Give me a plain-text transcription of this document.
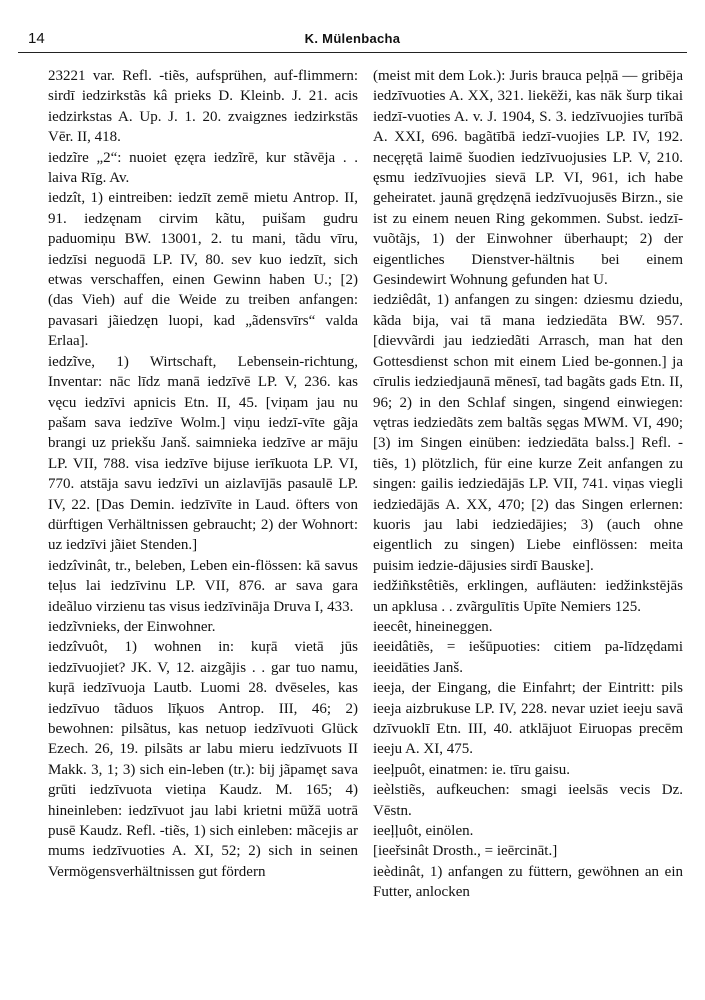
14	K. Mülenbacha

23221 var. Refl. -tiẽs, aufsprühen, auf-flimmern: sirdī iedzirkstãs kâ prieks D. Kleinb. J. 21. acis iedzirkstas A. Up. J. 1. 20. zvaigznes iedzirkstās Vēr. II, 418.

iedzĩre „2“: nuoiet ęzęra iedzĩrē, kur stãvēja . . laiva Rīg. Av.

iedzît, 1) eintreiben: iedzīt zemē mietu Antrop. II, 91. iedzęnam cirvim kãtu, puišam gudru paduomiņu BW. 13001, 2. tu mani, tãdu vīru, iedzīsi neguodā LP. IV, 80. sev kuo iedzīt, sich etwas verschaffen, einen Gewinn haben U.; [2) (das Vieh) auf die Weide zu treiben anfangen: pavasari jãiedzęn luopi, kad „ãdensvīrs“ valda Erlaa].

iedzĩve, 1) Wirtschaft, Lebensein-richtung, Inventar: nāc līdz manā iedzīvē LP. V, 236. kas vęcu iedzīvi apnicis Etn. II, 45. [viņam jau nu pašam sava iedzīve Wolm.] viņu iedzī-vīte gãja brangi uz priekšu Janš. saimnieka iedzīve ar māju LP. VII, 788. visa iedzīve bijuse ierīkuota LP. VI, 770. atstāja savu iedzīvi un aizlavījās pasaulē LP. IV, 22. [Das Demin. iedzīvīte in Laud. öfters von dürftigen Verhältnissen gebraucht; 2) der Wohnort: uz iedzīvi jãiet Stenden.]

iedzîvinât, tr., beleben, Leben ein-flössen: kā savus teļus lai iedzīvinu LP. VII, 876. ar sava gara ideãluo virzienu tas visus iedzīvināja Druva I, 433.

iedzĩvnieks, der Einwohner.

iedzîvuôt, 1) wohnen in: kuŗā vietā jūs iedzīvuojiet? JK. V, 12. aizgãjis . . gar tuo namu, kuŗā iedzīvuoja Lautb. Luomi 28. dvēseles, kas iedzīvuo tãduos līķuos Antrop. III, 46; 2) bewohnen: pilsãtus, kas netuop iedzīvuoti Glück Ezech. 26, 19. pilsãts ar labu mieru iedzīvuots II Makk. 3, 1; 3) sich ein-leben (tr.): bij jãpamęt sava grūti iedzīvuota vietiņa Kaudz. M. 165; 4) hineinleben: iedzīvuot jau labi krietni mūžā uotrā pusē Kaudz. Refl. -tiẽs, 1) sich einleben: mãcejis ar mums iedzīvuoties A. XI, 52; 2) sich in seinen Vermögensverhältnissen gut fördern

(meist mit dem Lok.): Juris brauca peļņā — gribēja iedzīvuoties A. XX, 321. liekēži, kas nāk šurp tikai iedzī-vuoties A. v. J. 1904, S. 3. iedzīvuojies turībā A. XXI, 696. bagãtībā iedzī-vuojies LP. IV, 192. necęŗętā laimē šuodien iedzīvuojusies LP. V, 210. ęsmu iedzīvuojies sievā LP. VI, 961, ich habe geheiratet. jaunā grędzęnā iedzīvuojusēs Birzn., sie ist zu einem neuen Ring gekommen. Subst. iedzī-vuõtãjs, 1) der Einwohner überhaupt; 2) der eigentliches Dienstver-hältnis bei einem Gesindewirt Wohnung gefunden hat U.

iedziêdât, 1) anfangen zu singen: dziesmu dziedu, kãda bija, vai tā mana iedziedāta BW. 957. [dievvãrdi jau iedziedãti Arrasch, man hat den Gottesdienst schon mit einem Lied be-gonnen.] ja cīrulis iedziedjaunā mēnesī, tad bagãts gads Etn. II, 96; 2) in den Schlaf singen, singend einwiegen: vętras iedziedãts zem baltãs sęgas MWM. VI, 490; [3) im Singen einüben: iedziedāta balss.] Refl. -tiẽs, 1) plötzlich, für eine kurze Zeit anfangen zu singen: gailis iedziedājās LP. VII, 741. viņas viegli iedziedājās A. XX, 470; [2) das Singen erlernen: kuoris jau labi iedziedājies; 3) (auch ohne eigentlich zu singen) Liebe einflössen: meita puisim iedzie-dājusies sirdī Bauske].

iedžiñkstêtiẽs, erklingen, aufläuten: iedžinkstējās un apklusa . . zvãrgulītis Upīte Nemiers 125.

ieecêt, hineineggen.

ieeidâtiẽs, = iešūpuoties: citiem pa-līdzędami ieeidāties Janš.

ieeja, der Eingang, die Einfahrt; der Eintritt: pils ieeja aizbrukuse LP. IV, 228. nevar uziet ieeju savā dzīvuoklī Etn. III, 40. atklājuot Eiruopas precēm ieeju A. XI, 475.

ieeļpuôt, einatmen: ie. tīru gaisu.

ieèlstiẽs, aufkeuchen: smagi ieelsās vecis Dz. Vēstn.

ieeļļuôt, einölen.

[ieeřsinât Drosth., = ieērcināt.]

ieèdinât, 1) anfangen zu füttern, gewöhnen an ein Futter, anlocken
